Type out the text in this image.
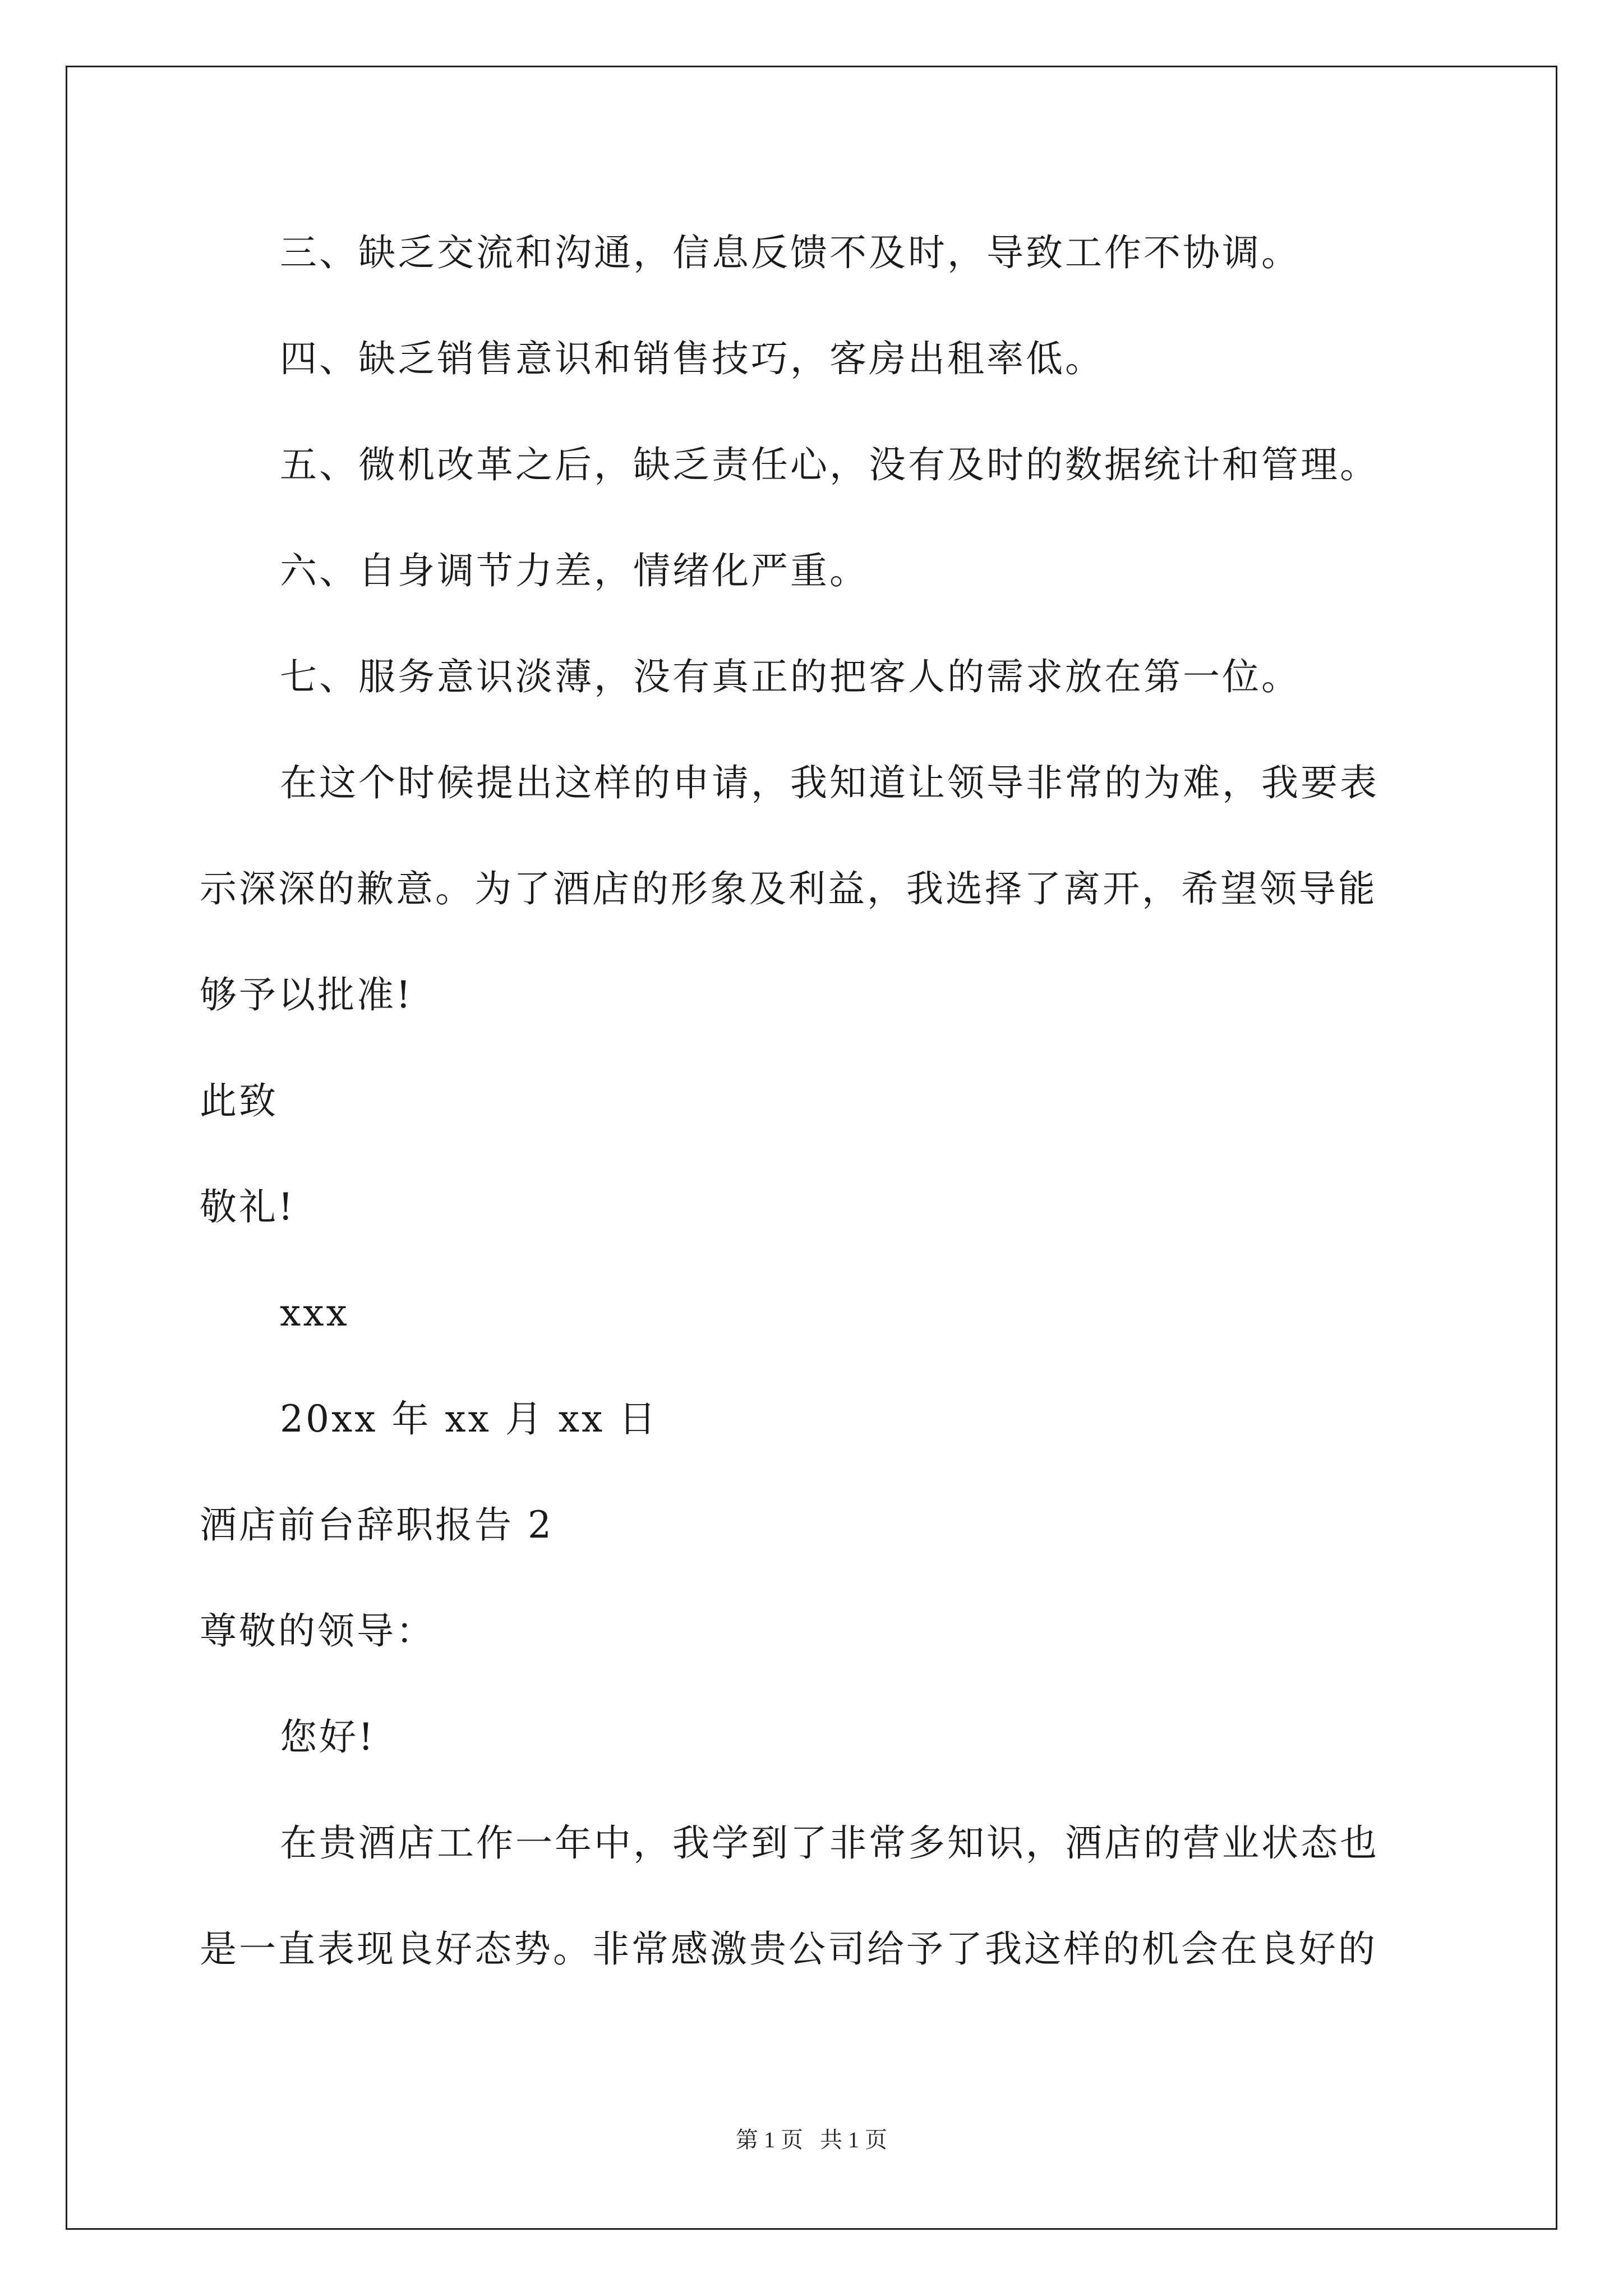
三、缺乏交流和沟通，信息反馈不及时，导致工作不协调。
四、缺乏销售意识和销售技巧，客房出租率低。
五、微机改革之后，缺乏责任心，没有及时的数据统计和管理。
六、自身调节力差，情绪化严重。
七、服务意识淡薄，没有真正的把客人的需求放在第一位。
在这个时候提出这样的申请，我知道让领导非常的为难，我要表
示深深的歉意。为了酒店的形象及利益，我选择了离开，希望领导能
够予以批准!
此致
敬礼!
xxx
20xx 年 xx 月 xx 日
酒店前台辞职报告 2
尊敬的领导：
您好!
在贵酒店工作一年中，我学到了非常多知识，酒店的营业状态也
是一直表现良好态势。非常感激贵公司给予了我这样的机会在良好的
第 1 页   共 1 页
